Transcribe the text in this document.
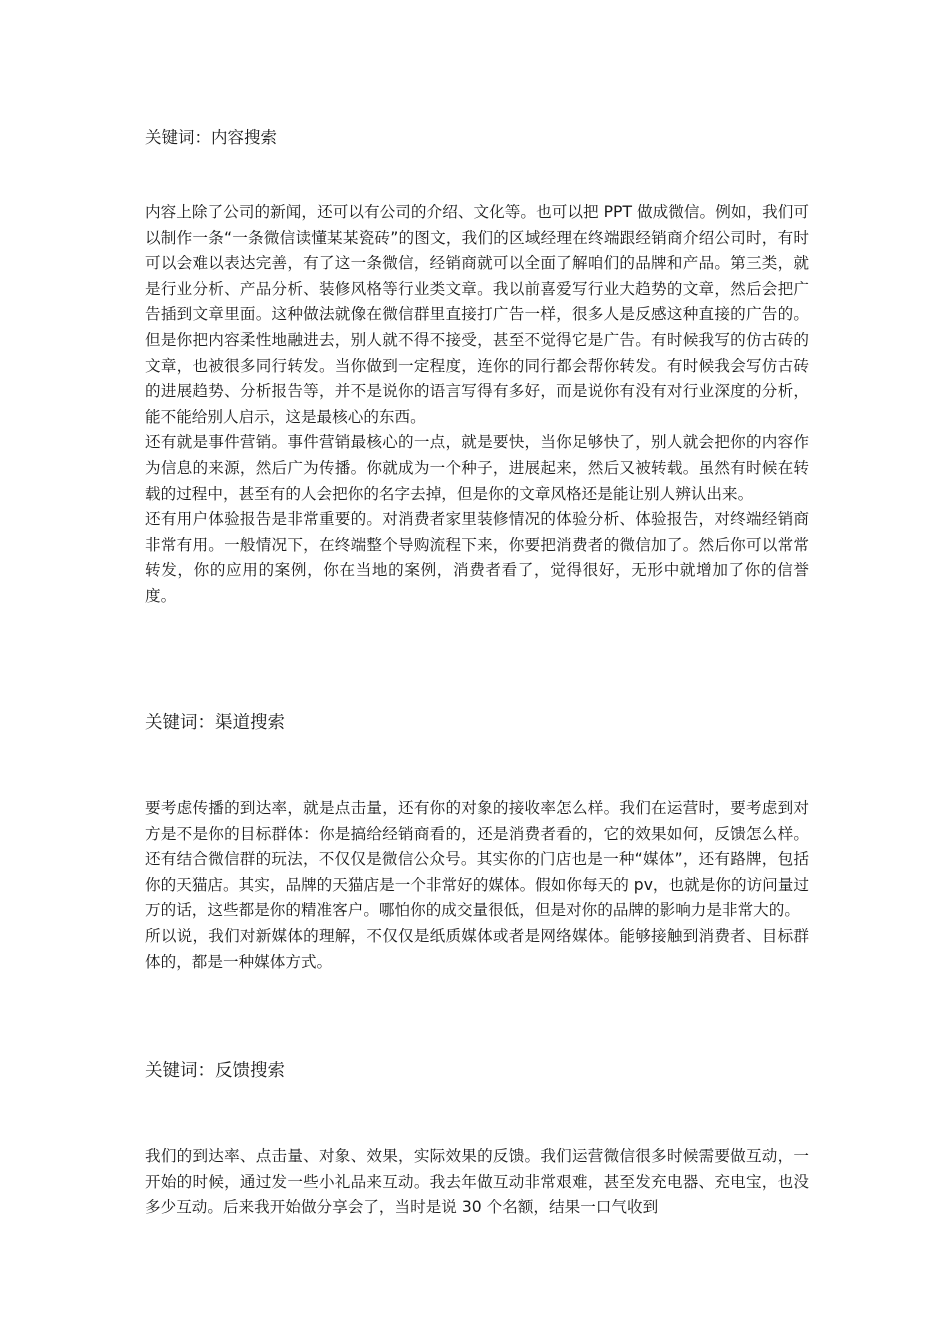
关键词：内容搜索

内容上除了公司的新闻，还可以有公司的介绍、文化等。也可以把 PPT 做成微信。例如，我们可以制作一条“一条微信读懂某某瓷砖”的图文，我们的区域经理在终端跟经销商介绍公司时，有时可以会难以表达完善，有了这一条微信，经销商就可以全面了解咱们的品牌和产品。第三类，就是行业分析、产品分析、装修风格等行业类文章。我以前喜爱写行业大趋势的文章，然后会把广告插到文章里面。这种做法就像在微信群里直接打广告一样，很多人是反感这种直接的广告的。但是你把内容柔性地融进去，别人就不得不接受，甚至不觉得它是广告。有时候我写的仿古砖的文章，也被很多同行转发。当你做到一定程度，连你的同行都会帮你转发。有时候我会写仿古砖的进展趋势、分析报告等，并不是说你的语言写得有多好，而是说你有没有对行业深度的分析，能不能给别人启示，这是最核心的东西。

还有就是事件营销。事件营销最核心的一点，就是要快，当你足够快了，别人就会把你的内容作为信息的来源，然后广为传播。你就成为一个种子，进展起来，然后又被转载。虽然有时候在转载的过程中，甚至有的人会把你的名字去掉，但是你的文章风格还是能让别人辨认出来。

还有用户体验报告是非常重要的。对消费者家里装修情况的体验分析、体验报告，对终端经销商非常有用。一般情况下，在终端整个导购流程下来，你要把消费者的微信加了。然后你可以常常转发，你的应用的案例，你在当地的案例，消费者看了，觉得很好，无形中就增加了你的信誉度。

关键词：渠道搜索

要考虑传播的到达率，就是点击量，还有你的对象的接收率怎么样。我们在运营时，要考虑到对方是不是你的目标群体：你是搞给经销商看的，还是消费者看的，它的效果如何，反馈怎么样。还有结合微信群的玩法，不仅仅是微信公众号。其实你的门店也是一种“媒体”，还有路牌，包括你的天猫店。其实，品牌的天猫店是一个非常好的媒体。假如你每天的 pv，也就是你的访问量过万的话，这些都是你的精准客户。哪怕你的成交量很低，但是对你的品牌的影响力是非常大的。

所以说，我们对新媒体的理解，不仅仅是纸质媒体或者是网络媒体。能够接触到消费者、目标群体的，都是一种媒体方式。

关键词：反馈搜索

我们的到达率、点击量、对象、效果，实际效果的反馈。我们运营微信很多时候需要做互动，一开始的时候，通过发一些小礼品来互动。我去年做互动非常艰难，甚至发充电器、充电宝，也没多少互动。后来我开始做分享会了，当时是说 30 个名额，结果一口气收到
